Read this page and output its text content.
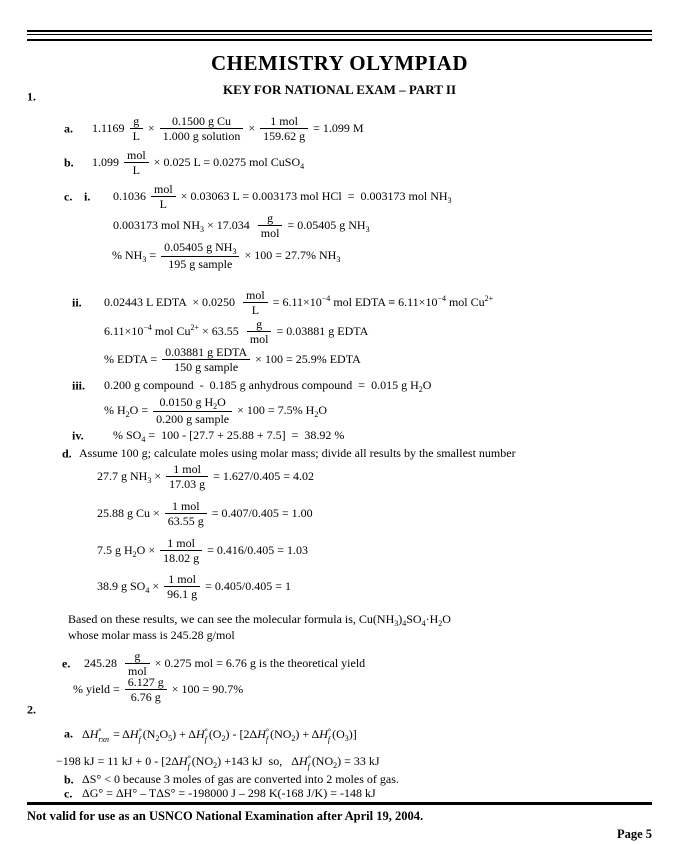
CHEMISTRY OLYMPIAD
KEY FOR NATIONAL EXAM – PART II
1.
a. $1.1169 \frac{g}{L} \times \frac{\text{0.1500 g Cu}}{\text{1.000 g solution}} \times \frac{\text{1 mol}}{159.62 g} = 1.099$ M
b. $1.099 \frac{\text{mol}}{L} \times 0.025$ L = 0.0275 mol CuSO 4
c. i. $0.1036 \frac{\text{mol}}{L} \times 0.03063$ L = 0.003173 mol HCl  =  0.003173 mol NH 3
0.003173 mol NH $3 \times 17.034 \frac{g}{\text{mol}} = 0.05405$ g NH 3
% NH $3 = \frac{\text{0.05405 g NH3}}{\text{195 g sample}} \times 100 = 27.7\%$ NH 3
ii. 0.02443 L EDTA  × $0.0250 \frac{\text{mol}}{L} = 6.11\times 10 -4$ mol EDTA ≡ 6.11×10 −4 mol Cu 2+
6.11×10 −4 mol Cu $2+ \times 63.55 \frac{g}{\text{mol}} = 0.03881$ g EDTA
% EDTA = $\frac{\text{0.03881 g EDTA}}{\text{150 g sample}} \times 100 = 25.9\%$ EDTA
iii. 0.200 g compound  -  0.185 g anhydrous compound  =  0.015 g H 2 O
% H 2 $O = \frac{\text{0.0150 g H2O}}{\text{0.200 g sample}} \times 100 = 7.5\%$ H 2 O
iv. % SO 4 =  100 - [27.7 + 25.88 + 7.5]  =  38.92 %
d. Assume 100 g; calculate moles using molar mass; divide all results by the smallest number
27.7 g NH $3 \times \frac{\text{1 mol}}{17.03 g} = 1.627/0.405 = 4.02$
25.88 g $Cu \times \frac{\text{1 mol}}{63.55 g} = 0.407/0.405 = 1.00$
7.5 g H 2 $O \times \frac{\text{1 mol}}{18.02 g} = 0.416/0.405 = 1.03$
38.9 g SO $4 \times \frac{\text{1 mol}}{96.1 g} = 0.405/0.405 = 1$
Based on these results, we can see the molecular formula is, Cu(NH 3 ) 4 SO 4 ·H 2 O
whose molar mass is 245.28 g/mol
e. $245.28 \frac{g}{\text{mol}} \times 0.275$ mol = 6.76 g is the theoretical yield
% yield = $\frac{6.127 g}{6.76 g} \times 100 = 90.7\%$
2.
a. Δ H °
rxn = Δ H °
f (N 2 O 5 ) + Δ H °
f (O 2 ) - [2Δ H °
f (NO 2 ) + Δ H °
f (O 3 )]
−198 kJ = 11 kJ + 0 - [2Δ H °
f (NO 2 ) +143 kJ  so,   Δ H °
f (NO 2 ) = 33 kJ
b. ΔS° < 0 because 3 moles of gas are converted into 2 moles of gas.
c. ΔG° = ΔH° – TΔS° = -198000 J – 298 K(-168 J/K) = -148 kJ
Not valid for use as an USNCO National Examination after April 19, 2004.
Page 5
